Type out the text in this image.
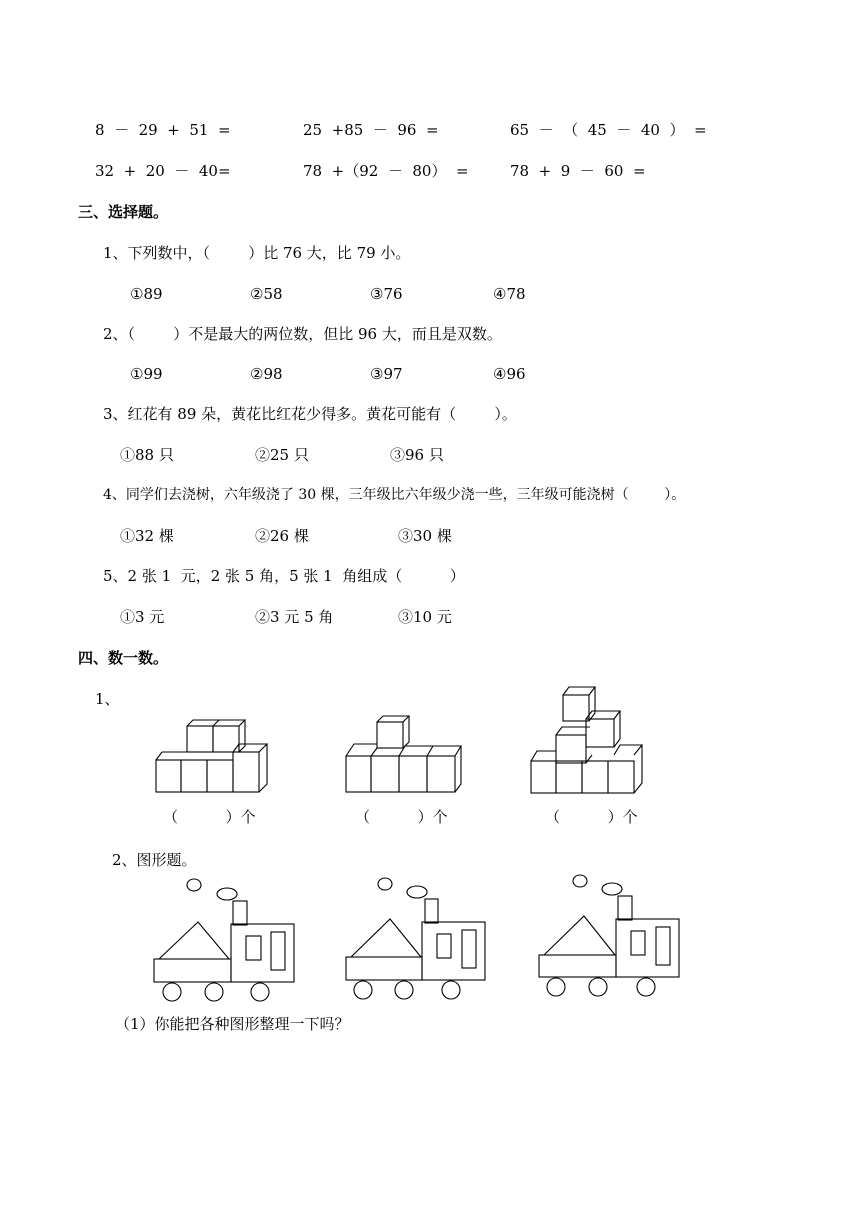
8  －  29  +  51  =	25  +85  －  96  =	65  －  （  45  －  40  ）  =
32  +  20  －  40=	78  +（92  －  80）  =	78  +  9  －  60  =
三、选择题。
1、下列数中，（        ）比 76 大，比 79 小。
①89	②58	③76	④78
2、（        ）不是最大的两位数，但比 96 大，而且是双数。
①99	②98	③97	④96
3、红花有 89 朵，黄花比红花少得多。黄花可能有（        ）。
①88 只	②25 只	③96 只
4、同学们去浇树，六年级浇了 30 棵，三年级比六年级少浇一些，三年级可能浇树（        ）。
①32 棵	②26 棵	③30 棵
5、2 张 1  元，2 张 5 角，5 张 1  角组成（          ）
①3 元	②3 元 5 角	③10 元
四、数一数。
1、
（          ）个	（          ）个	（          ）个
2、图形题。
（1）你能把各种图形整理一下吗？
